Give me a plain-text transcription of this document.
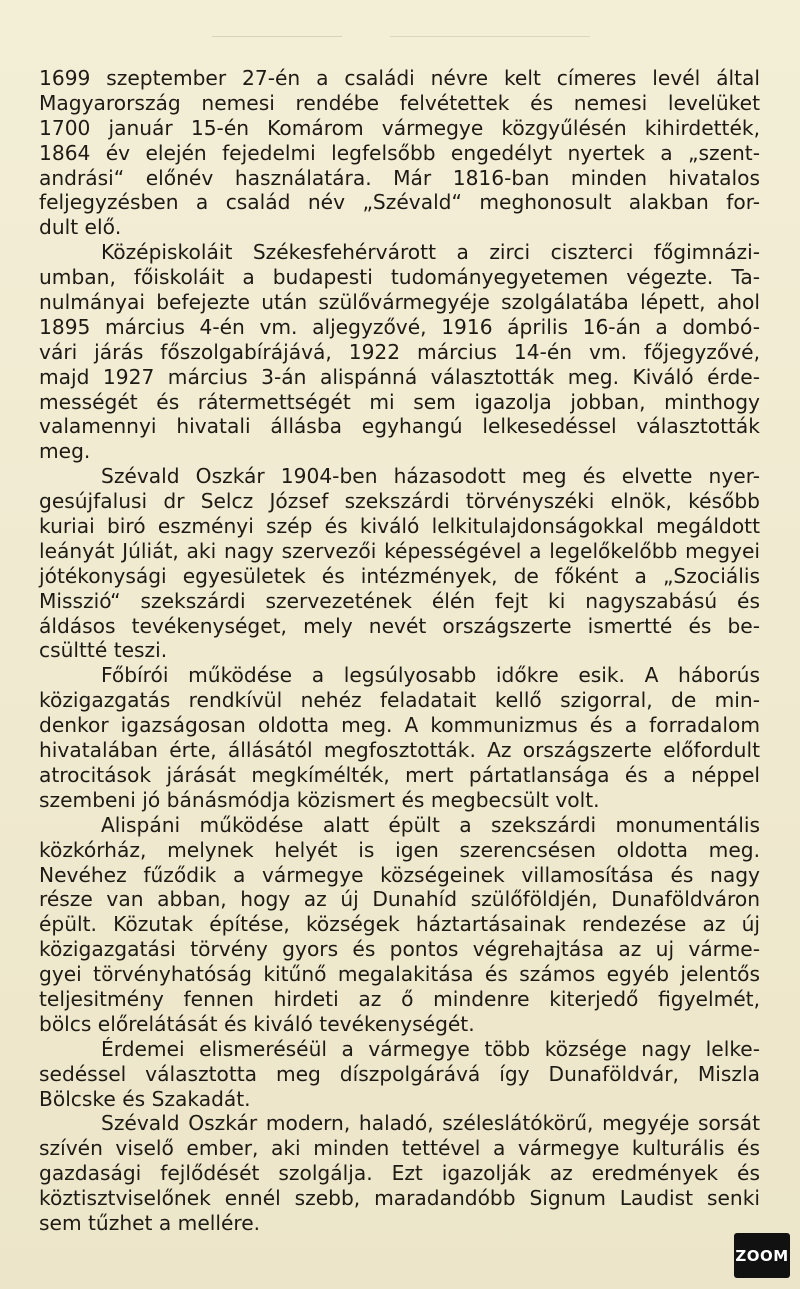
1699 szeptember 27-én a családi névre kelt címeres levél által
Magyarország nemesi rendébe felvétettek és nemesi levelüket
1700 január 15-én Komárom vármegye közgyűlésén kihirdették,
1864 év elején fejedelmi legfelsőbb engedélyt nyertek a „szent-
andrási“ előnév használatára. Már 1816-ban minden hivatalos
feljegyzésben a család név „Szévald“ meghonosult alakban for-
dult elő.
Középiskoláit Székesfehérvárott a zirci ciszterci főgimnázi-
umban, főiskoláit a budapesti tudományegyetemen végezte. Ta-
nulmányai befejezte után szülővármegyéje szolgálatába lépett, ahol
1895 március 4-én vm. aljegyzővé, 1916 április 16-án a dombó-
vári járás főszolgabírájává, 1922 március 14-én vm. főjegyzővé,
majd 1927 március 3-án alispánná választották meg. Kiváló érde-
mességét és rátermettségét mi sem igazolja jobban, minthogy
valamennyi hivatali állásba egyhangú lelkesedéssel választották
meg.
Szévald Oszkár 1904-ben házasodott meg és elvette nyer-
gesújfalusi dr Selcz József szekszárdi törvényszéki elnök, később
kuriai biró eszményi szép és kiváló lelkitulajdonságokkal megáldott
leányát Júliát, aki nagy szervezői képességével a legelőkelőbb megyei
jótékonysági egyesületek és intézmények, de főként a „Szociális
Misszió“ szekszárdi szervezetének élén fejt ki nagyszabású és
áldásos tevékenységet, mely nevét országszerte ismertté és be-
csültté teszi.
Főbírói működése a legsúlyosabb időkre esik. A háborús
közigazgatás rendkívül nehéz feladatait kellő szigorral, de min-
denkor igazságosan oldotta meg. A kommunizmus és a forradalom
hivatalában érte, állásától megfosztották. Az országszerte előfordult
atrocitások járását megkímélték, mert pártatlansága és a néppel
szembeni jó bánásmódja közismert és megbecsült volt.
Alispáni működése alatt épült a szekszárdi monumentális
közkórház, melynek helyét is igen szerencsésen oldotta meg.
Nevéhez fűződik a vármegye községeinek villamosítása és nagy
része van abban, hogy az új Dunahíd szülőföldjén, Dunaföldváron
épült. Közutak építése, községek háztartásainak rendezése az új
közigazgatási törvény gyors és pontos végrehajtása az uj várme-
gyei törvényhatóság kitűnő megalakitása és számos egyéb jelentős
teljesitmény fennen hirdeti az ő mindenre kiterjedő figyelmét,
bölcs előrelátását és kiváló tevékenységét.
Érdemei elismeréséül a vármegye több községe nagy lelke-
sedéssel választotta meg díszpolgárává így Dunaföldvár, Miszla
Bölcske és Szakadát.
Szévald Oszkár modern, haladó, széleslátókörű, megyéje sorsát
szívén viselő ember, aki minden tettével a vármegye kulturális és
gazdasági fejlődését szolgálja. Ezt igazolják az eredmények és
köztisztviselőnek ennél szebb, maradandóbb Signum Laudist senki
sem tűzhet a mellére.
ZOOM
